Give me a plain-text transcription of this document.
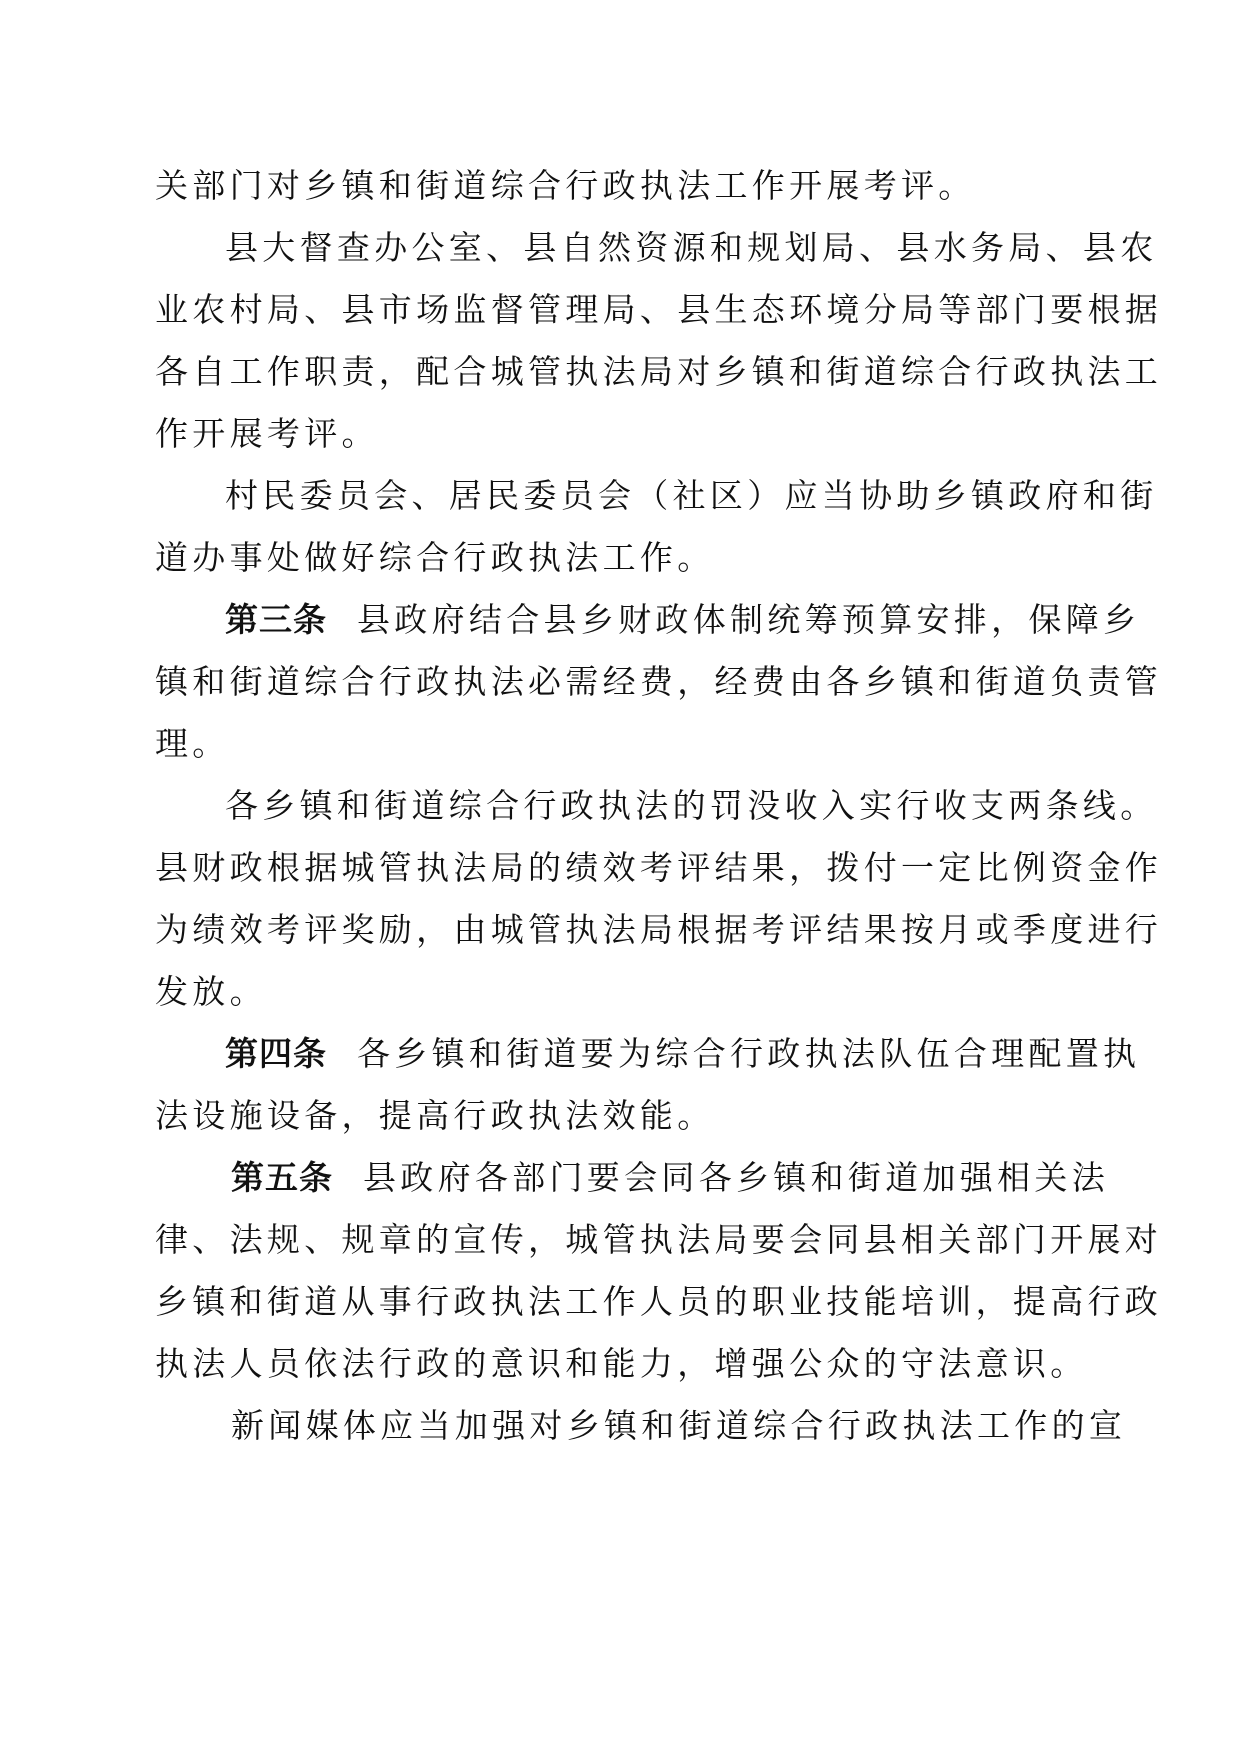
关部门对乡镇和街道综合行政执法工作开展考评。
县大督查办公室、县自然资源和规划局、县水务局、县农
业农村局、县市场监督管理局、县生态环境分局等部门要根据
各自工作职责，配合城管执法局对乡镇和街道综合行政执法工
作开展考评。
村民委员会、居民委员会（社区）应当协助乡镇政府和街
道办事处做好综合行政执法工作。
第三条 县政府结合县乡财政体制统筹预算安排，保障乡
镇和街道综合行政执法必需经费，经费由各乡镇和街道负责管
理。
各乡镇和街道综合行政执法的罚没收入实行收支两条线。
县财政根据城管执法局的绩效考评结果，拨付一定比例资金作
为绩效考评奖励，由城管执法局根据考评结果按月或季度进行
发放。
第四条 各乡镇和街道要为综合行政执法队伍合理配置执
法设施设备，提高行政执法效能。
第五条 县政府各部门要会同各乡镇和街道加强相关法
律、法规、规章的宣传，城管执法局要会同县相关部门开展对
乡镇和街道从事行政执法工作人员的职业技能培训，提高行政
执法人员依法行政的意识和能力，增强公众的守法意识。
新闻媒体应当加强对乡镇和街道综合行政执法工作的宣
